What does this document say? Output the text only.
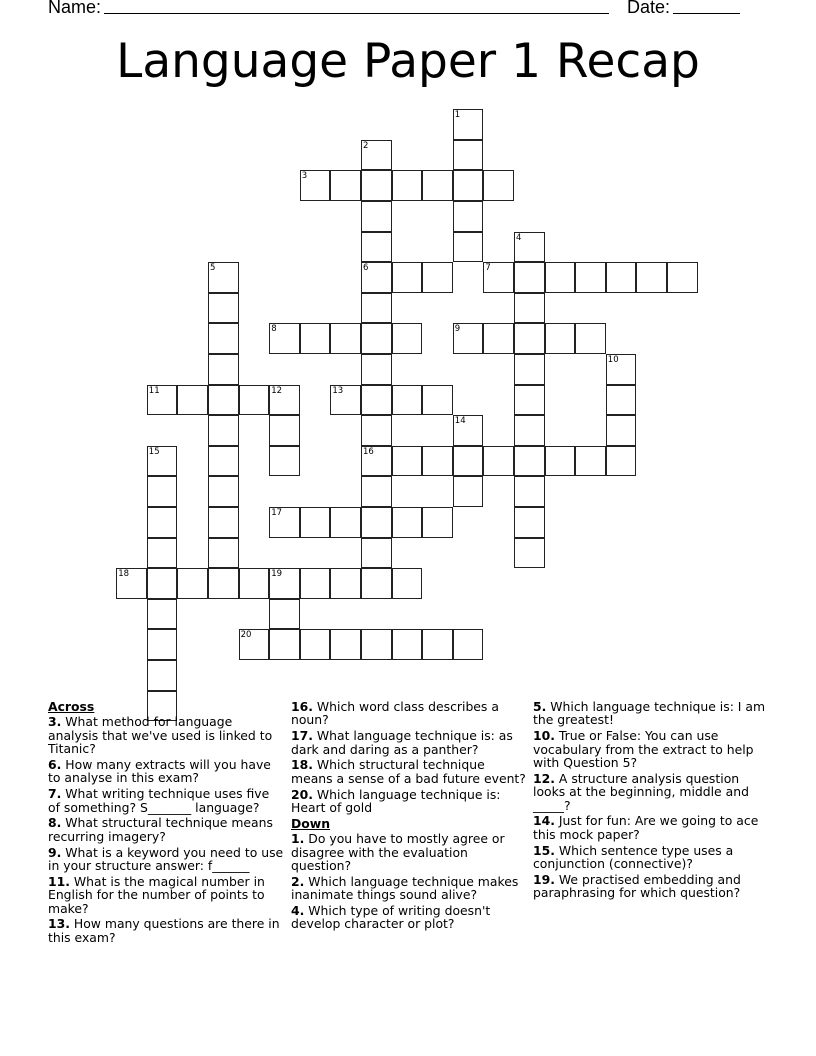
Name:	Date:
Language Paper 1 Recap
1
2
6
16
3
4
5	7
8	9
10
11	12	13
14
15
17
18	19
20
Across
3. What method for language analysis that we've used is linked to Titanic?
6. How many extracts will you have to analyse in this exam?
7. What writing technique uses five of something? S_______ language?
8. What structural technique means recurring imagery?
9. What is a keyword you need to use in your structure answer: f______
11. What is the magical number in English for the number of points to make?
13. How many questions are there in this exam?
16. Which word class describes a noun?
17. What language technique is: as dark and daring as a panther?
18. Which structural technique means a sense of a bad future event?
20. Which language technique is: Heart of gold
Down
1. Do you have to mostly agree or disagree with the evaluation question?
2. Which language technique makes inanimate things sound alive?
4. Which type of writing doesn't develop character or plot?
5. Which language technique is: I am the greatest!
10. True or False: You can use vocabulary from the extract to help with Question 5?
12. A structure analysis question looks at the beginning, middle and _____?
14. Just for fun: Are we going to ace this mock paper?
15. Which sentence type uses a conjunction (connective)?
19. We practised embedding and paraphrasing for which question?
